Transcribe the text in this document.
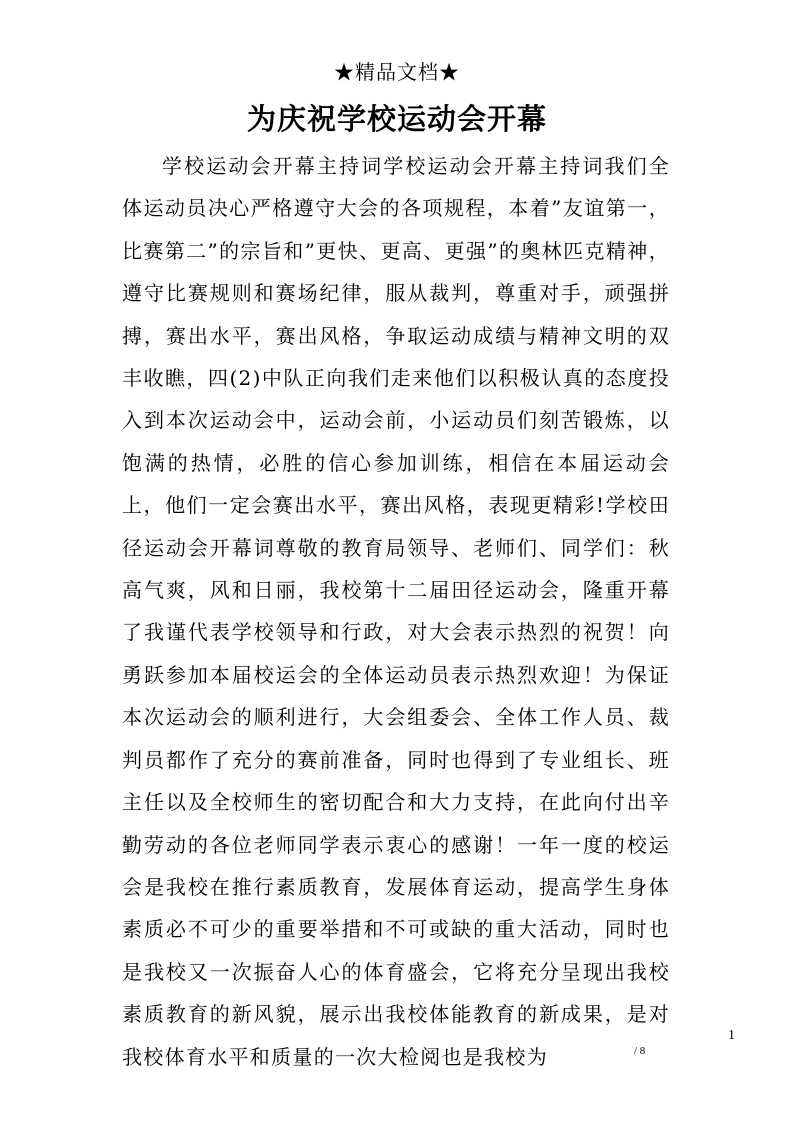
★精品文档★
为庆祝学校运动会开幕

学校运动会开幕主持词学校运动会开幕主持词我们全体运动员决心严格遵守大会的各项规程，本着”友谊第一，比赛第二”的宗旨和”更快、更高、更强”的奥林匹克精神，遵守比赛规则和赛场纪律，服从裁判，尊重对手，顽强拼搏，赛出水平，赛出风格，争取运动成绩与精神文明的双丰收瞧，四(2)中队正向我们走来他们以积极认真的态度投入到本次运动会中，运动会前，小运动员们刻苦锻炼，以饱满的热情，必胜的信心参加训练，相信在本届运动会上，他们一定会赛出水平，赛出风格，表现更精彩!学校田径运动会开幕词尊敬的教育局领导、老师们、同学们：秋高气爽，风和日丽，我校第十二届田径运动会，隆重开幕了我谨代表学校领导和行政，对大会表示热烈的祝贺！向勇跃参加本届校运会的全体运动员表示热烈欢迎！为保证本次运动会的顺利进行，大会组委会、全体工作人员、裁判员都作了充分的赛前准备，同时也得到了专业组长、班主任以及全校师生的密切配合和大力支持，在此向付出辛勤劳动的各位老师同学表示衷心的感谢！一年一度的校运会是我校在推行素质教育，发展体育运动，提高学生身体素质必不可少的重要举措和不可或缺的重大活动，同时也是我校又一次振奋人心的体育盛会，它将充分呈现出我校素质教育的新风貌，展示出我校体能教育的新成果，是对我校体育水平和质量的一次大检阅也是我校为

1
/ 8
